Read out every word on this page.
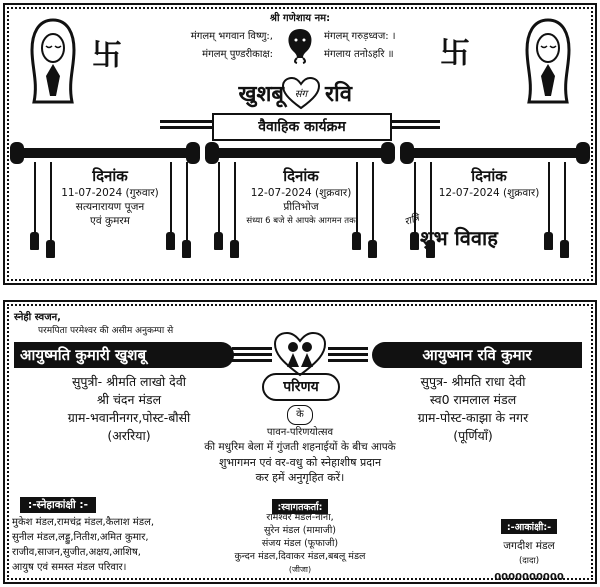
卐	卐
श्री गणेशाय नम:
मंगलम् भगवान विष्णु:,	मंगलम् गरुड़ध्वज: ।
मंगलम् पुण्डरीकाक्ष:	मंगलाय तनोऽहरि ॥
खुशबू	संग रवि
वैवाहिक कार्यक्रम
दिनांक
11-07-2024 (गुरुवार)
सत्यनारायण पूजन
एवं कुमरम
दिनांक
12-07-2024 (शुक्रवार)
प्रीतिभोज
संध्या 6 बजे से आपके आगमन तक
दिनांक
12-07-2024 (शुक्रवार)
रात्रि
शुभ विवाह
स्नेही स्वजन,
परमपिता परमेश्वर की असीम अनुकम्पा से
आयुष्मति कुमारी खुशबू
सुपुत्री- श्रीमति लाखो देवी
श्री चंदन मंडल
ग्राम-भवानीनगर,पोस्ट-बौसी
(अररिया)
आयुष्मान रवि कुमार
सुपुत्र- श्रीमति राधा देवी
स्व0 रामलाल मंडल
ग्राम-पोस्ट-काझा के नगर
(पूर्णियाँ)
परिणय
के
पावन-परिणयोत्सव
की मधुरिम बेला में गुंजती शहनाईयों के बीच आपके
शुभागमन एवं वर-वधु को स्नेहाशीष प्रदान
कर हमें अनुगृहित करें।
:-स्नेहाकांक्षी :-
मुकेश मंडल,रामचंद्र मंडल,कैलाश मंडल,
सुनील मंडल,लड्डु,नितीश,अमित कुमार,
राजीव,साजन,सुजीत,अक्षय,आशिष,
आयुष एवं समस्त मंडल परिवार।
:स्वागतकर्ता:
रामेश्वर मंडल-नाना,
सुरेन मंडल (मामाजी)
संजय मंडल (फूफाजी)
कुन्दन मंडल,दिवाकर मंडल,बबलू मंडल
(जीजा)
:-आकांक्षी:-
जगदीश मंडल
(दादा)
0000000000
